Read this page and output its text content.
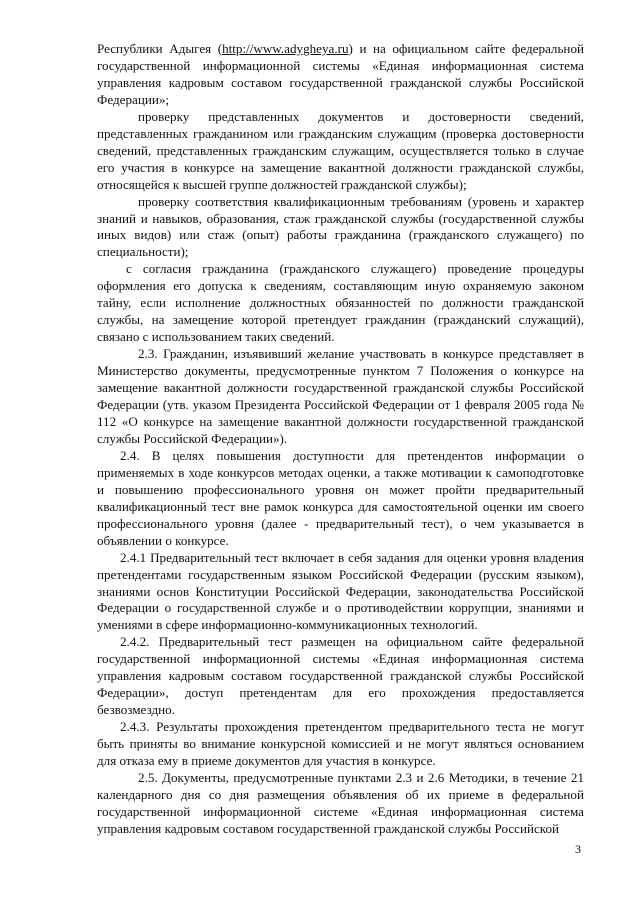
Республики Адыгея (http://www.adygheya.ru) и на официальном сайте федеральной государственной информационной системы «Единая информационная система управления кадровым составом государственной гражданской службы Российской Федерации»;

проверку представленных документов и достоверности сведений, представленных гражданином или гражданским служащим (проверка достоверности сведений, представленных гражданским служащим, осуществляется только в случае его участия в конкурсе на замещение вакантной должности гражданской службы, относящейся к высшей группе должностей гражданской службы);

проверку соответствия квалификационным требованиям (уровень и характер знаний и навыков, образования, стаж гражданской службы (государственной службы иных видов) или стаж (опыт) работы гражданина (гражданского служащего) по специальности);

с согласия гражданина (гражданского служащего) проведение процедуры оформления его допуска к сведениям, составляющим иную охраняемую законом тайну, если исполнение должностных обязанностей по должности гражданской службы, на замещение которой претендует гражданин (гражданский служащий), связано с использованием таких сведений.

2.3. Гражданин, изъявивший желание участвовать в конкурсе представляет в Министерство документы, предусмотренные пунктом 7 Положения о конкурсе на замещение вакантной должности государственной гражданской службы Российской Федерации (утв. указом Президента Российской Федерации от 1 февраля 2005 года № 112 «О конкурсе на замещение вакантной должности государственной гражданской службы Российской Федерации»).

2.4. В целях повышения доступности для претендентов информации о применяемых в ходе конкурсов методах оценки, а также мотивации к самоподготовке и повышению профессионального уровня он может пройти предварительный квалификационный тест вне рамок конкурса для самостоятельной оценки им своего профессионального уровня (далее - предварительный тест), о чем указывается в объявлении о конкурсе.

2.4.1 Предварительный тест включает в себя задания для оценки уровня владения претендентами государственным языком Российской Федерации (русским языком), знаниями основ Конституции Российской Федерации, законодательства Российской Федерации о государственной службе и о противодействии коррупции, знаниями и умениями в сфере информационно-коммуникационных технологий.

2.4.2. Предварительный тест размещен на официальном сайте федеральной государственной информационной системы «Единая информационная система управления кадровым составом государственной гражданской службы Российской Федерации», доступ претендентам для его прохождения предоставляется безвозмездно.

2.4.3. Результаты прохождения претендентом предварительного теста не могут быть приняты во внимание конкурсной комиссией и не могут являться основанием для отказа ему в приеме документов для участия в конкурсе.

2.5. Документы, предусмотренные пунктами 2.3 и 2.6 Методики, в течение 21 календарного дня со дня размещения объявления об их приеме в федеральной государственной информационной системе «Единая информационная система управления кадровым составом государственной гражданской службы Российской

3
